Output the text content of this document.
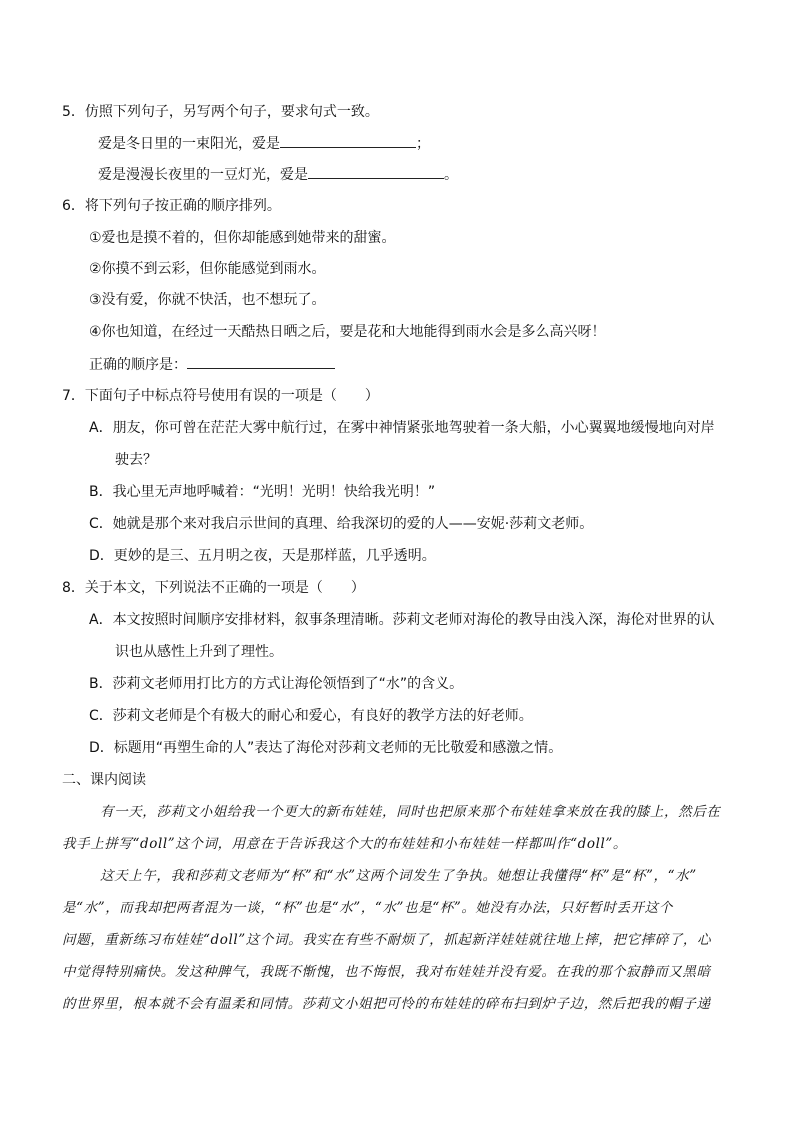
5．仿照下列句子，另写两个句子，要求句式一致。
爱是冬日里的一束阳光，爱是	；
爱是漫漫长夜里的一豆灯光，爱是	。
6．将下列句子按正确的顺序排列。
①爱也是摸不着的，但你却能感到她带来的甜蜜。
②你摸不到云彩，但你能感觉到雨水。
③没有爱，你就不快活，也不想玩了。
④你也知道，在经过一天酷热日晒之后，要是花和大地能得到雨水会是多么高兴呀！
正确的顺序是：
7．下面句子中标点符号使用有误的一项是（　　）
A．朋友，你可曾在茫茫大雾中航行过，在雾中神情紧张地驾驶着一条大船，小心翼翼地缓慢地向对岸
驶去？
B．我心里无声地呼喊着：“光明！光明！快给我光明！”
C．她就是那个来对我启示世间的真理、给我深切的爱的人——安妮·莎莉文老师。
D．更妙的是三、五月明之夜，天是那样蓝，几乎透明。
8．关于本文，下列说法不正确的一项是（　　）
A．本文按照时间顺序安排材料，叙事条理清晰。莎莉文老师对海伦的教导由浅入深，海伦对世界的认
识也从感性上升到了理性。
B．莎莉文老师用打比方的方式让海伦领悟到了“水”的含义。
C．莎莉文老师是个有极大的耐心和爱心，有良好的教学方法的好老师。
D．标题用“再塑生命的人”表达了海伦对莎莉文老师的无比敬爱和感激之情。
二、课内阅读
有一天，莎莉文小姐给我一个更大的新布娃娃，同时也把原来那个布娃娃拿来放在我的膝上，然后在
我手上拼写“doll”这个词，用意在于告诉我这个大的布娃娃和小布娃娃一样都叫作“doll”。
这天上午，我和莎莉文老师为“杯”和“水”这两个词发生了争执。她想让我懂得“杯”是“杯”，“水”
是“水”，而我却把两者混为一谈，“杯”也是“水”，“水”也是“杯”。她没有办法，只好暂时丢开这个
问题，重新练习布娃娃“doll”这个词。我实在有些不耐烦了，抓起新洋娃娃就往地上摔，把它摔碎了，心
中觉得特别痛快。发这种脾气，我既不惭愧，也不悔恨，我对布娃娃并没有爱。在我的那个寂静而又黑暗
的世界里，根本就不会有温柔和同情。莎莉文小姐把可怜的布娃娃的碎布扫到炉子边，然后把我的帽子递
